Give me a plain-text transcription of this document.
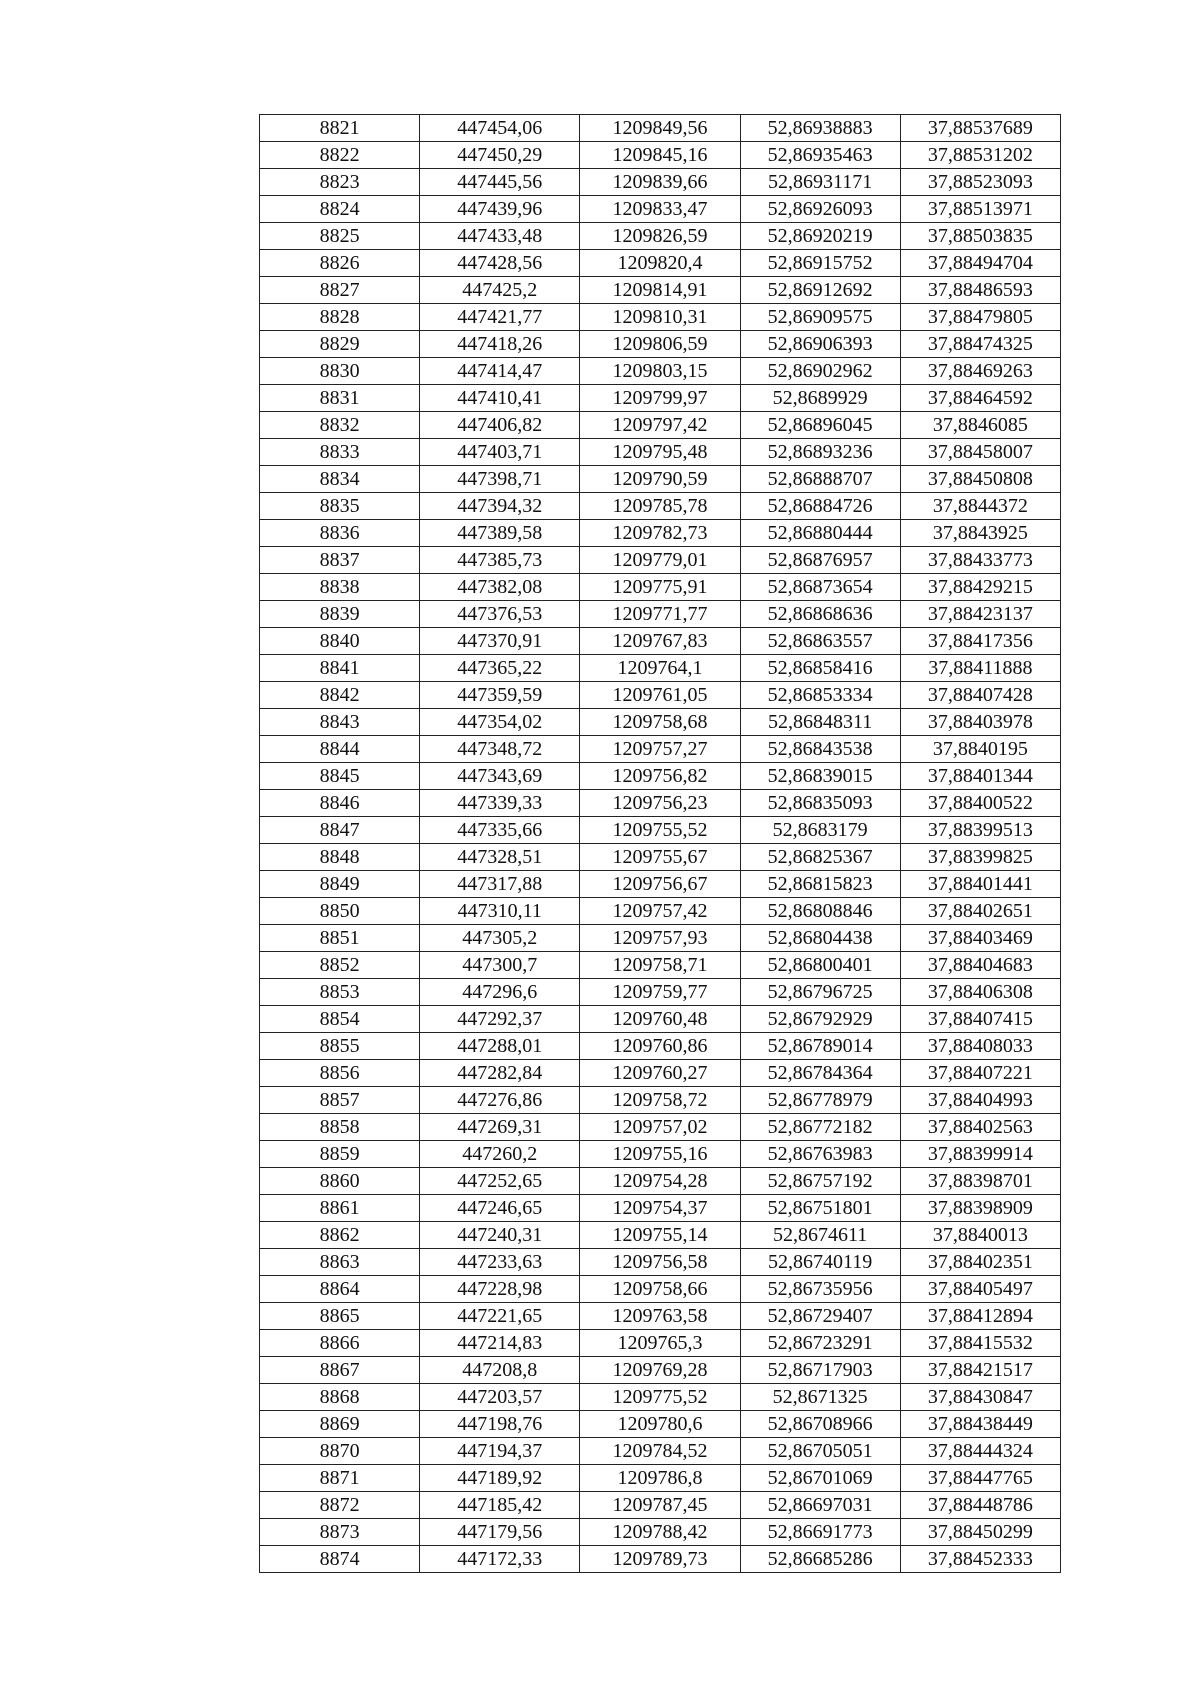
8821	447454,06	1209849,56	52,86938883	37,88537689
8822	447450,29	1209845,16	52,86935463	37,88531202
8823	447445,56	1209839,66	52,86931171	37,88523093
8824	447439,96	1209833,47	52,86926093	37,88513971
8825	447433,48	1209826,59	52,86920219	37,88503835
8826	447428,56	1209820,4	52,86915752	37,88494704
8827	447425,2	1209814,91	52,86912692	37,88486593
8828	447421,77	1209810,31	52,86909575	37,88479805
8829	447418,26	1209806,59	52,86906393	37,88474325
8830	447414,47	1209803,15	52,86902962	37,88469263
8831	447410,41	1209799,97	52,8689929	37,88464592
8832	447406,82	1209797,42	52,86896045	37,8846085
8833	447403,71	1209795,48	52,86893236	37,88458007
8834	447398,71	1209790,59	52,86888707	37,88450808
8835	447394,32	1209785,78	52,86884726	37,8844372
8836	447389,58	1209782,73	52,86880444	37,8843925
8837	447385,73	1209779,01	52,86876957	37,88433773
8838	447382,08	1209775,91	52,86873654	37,88429215
8839	447376,53	1209771,77	52,86868636	37,88423137
8840	447370,91	1209767,83	52,86863557	37,88417356
8841	447365,22	1209764,1	52,86858416	37,88411888
8842	447359,59	1209761,05	52,86853334	37,88407428
8843	447354,02	1209758,68	52,86848311	37,88403978
8844	447348,72	1209757,27	52,86843538	37,8840195
8845	447343,69	1209756,82	52,86839015	37,88401344
8846	447339,33	1209756,23	52,86835093	37,88400522
8847	447335,66	1209755,52	52,8683179	37,88399513
8848	447328,51	1209755,67	52,86825367	37,88399825
8849	447317,88	1209756,67	52,86815823	37,88401441
8850	447310,11	1209757,42	52,86808846	37,88402651
8851	447305,2	1209757,93	52,86804438	37,88403469
8852	447300,7	1209758,71	52,86800401	37,88404683
8853	447296,6	1209759,77	52,86796725	37,88406308
8854	447292,37	1209760,48	52,86792929	37,88407415
8855	447288,01	1209760,86	52,86789014	37,88408033
8856	447282,84	1209760,27	52,86784364	37,88407221
8857	447276,86	1209758,72	52,86778979	37,88404993
8858	447269,31	1209757,02	52,86772182	37,88402563
8859	447260,2	1209755,16	52,86763983	37,88399914
8860	447252,65	1209754,28	52,86757192	37,88398701
8861	447246,65	1209754,37	52,86751801	37,88398909
8862	447240,31	1209755,14	52,8674611	37,8840013
8863	447233,63	1209756,58	52,86740119	37,88402351
8864	447228,98	1209758,66	52,86735956	37,88405497
8865	447221,65	1209763,58	52,86729407	37,88412894
8866	447214,83	1209765,3	52,86723291	37,88415532
8867	447208,8	1209769,28	52,86717903	37,88421517
8868	447203,57	1209775,52	52,8671325	37,88430847
8869	447198,76	1209780,6	52,86708966	37,88438449
8870	447194,37	1209784,52	52,86705051	37,88444324
8871	447189,92	1209786,8	52,86701069	37,88447765
8872	447185,42	1209787,45	52,86697031	37,88448786
8873	447179,56	1209788,42	52,86691773	37,88450299
8874	447172,33	1209789,73	52,86685286	37,88452333
